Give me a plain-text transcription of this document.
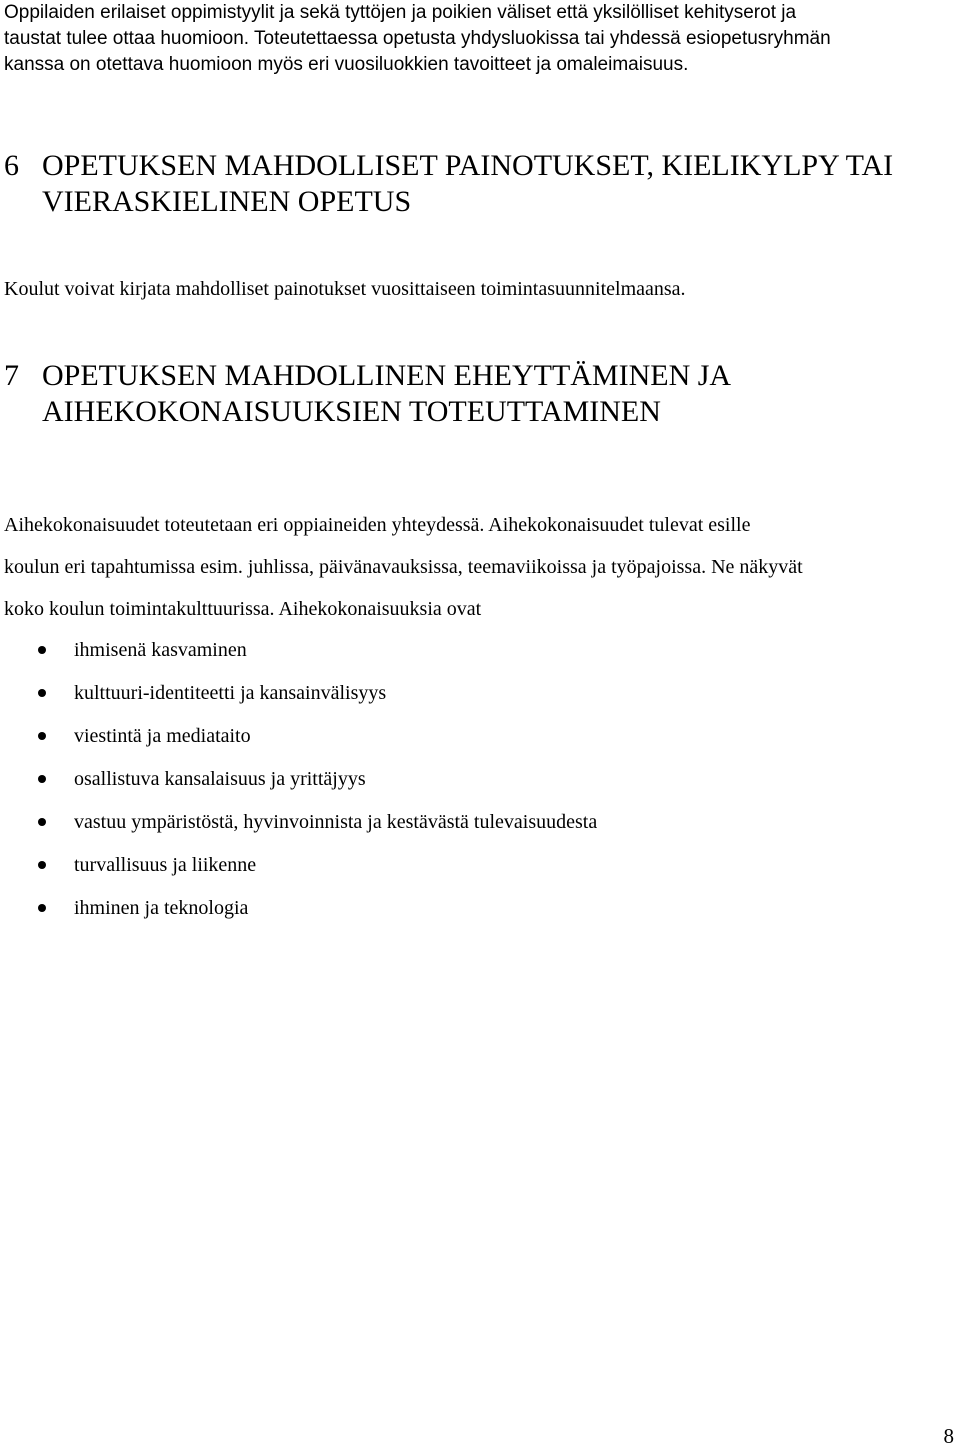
Oppilaiden erilaiset oppimistyylit ja sekä tyttöjen ja poikien väliset että yksilölliset kehityserot ja
taustat tulee ottaa huomioon. Toteutettaessa opetusta yhdysluokissa tai yhdessä esiopetusryhmän
kanssa on otettava huomioon myös eri vuosiluokkien tavoitteet ja omaleimaisuus.

6 OPETUKSEN MAHDOLLISET PAINOTUKSET, KIELIKYLPY TAI
VIERASKIELINEN OPETUS

Koulut voivat kirjata mahdolliset painotukset vuosittaiseen toimintasuunnitelmaansa.

7 OPETUKSEN MAHDOLLINEN EHEYTTÄMINEN JA
AIHEKOKONAISUUKSIEN TOTEUTTAMINEN

Aihekokonaisuudet toteutetaan eri oppiaineiden yhteydessä. Aihekokonaisuudet tulevat esille
koulun eri tapahtumissa esim. juhlissa, päivänavauksissa, teemaviikoissa ja työpajoissa. Ne näkyvät
koko koulun toimintakulttuurissa. Aihekokonaisuuksia ovat

ihmisenä kasvaminen
kulttuuri-identiteetti ja kansainvälisyys
viestintä ja mediataito
osallistuva kansalaisuus ja yrittäjyys
vastuu ympäristöstä, hyvinvoinnista ja kestävästä tulevaisuudesta
turvallisuus ja liikenne
ihminen ja teknologia
8
